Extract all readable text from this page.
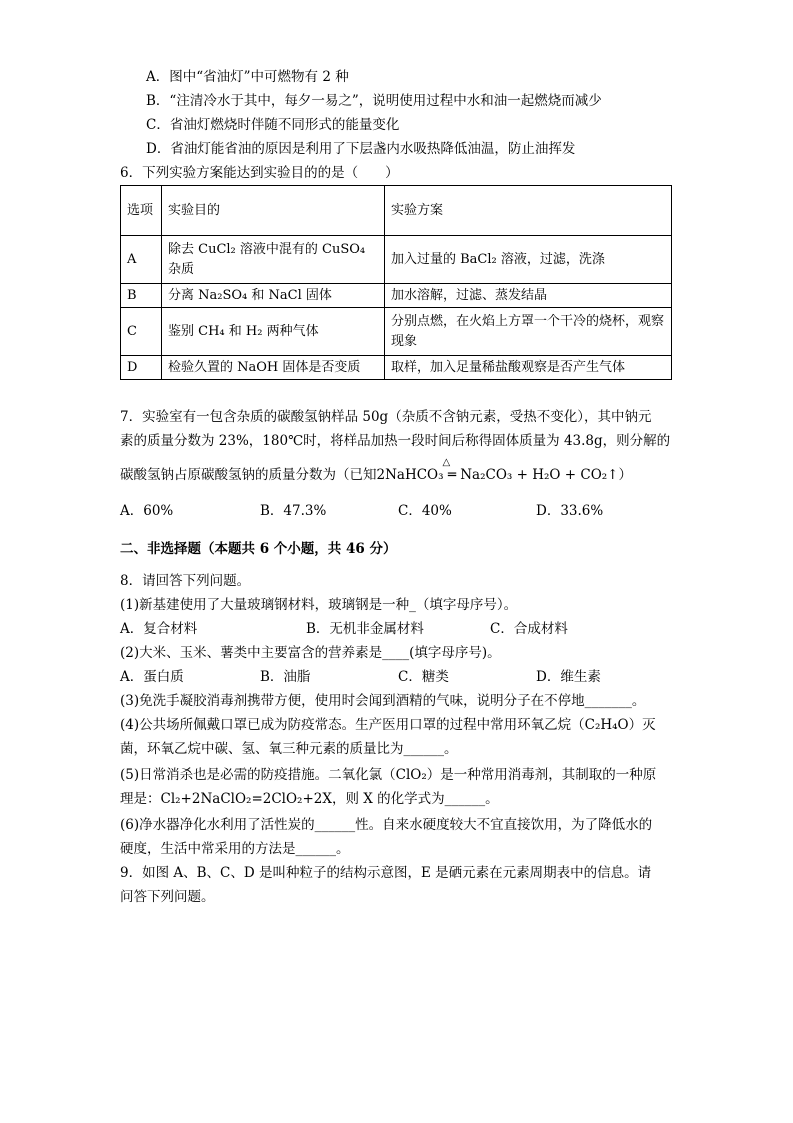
A．图中“省油灯”中可燃物有 2 种
B．“注清冷水于其中，每夕一易之”，说明使用过程中水和油一起燃烧而减少
C．省油灯燃烧时伴随不同形式的能量变化
D．省油灯能省油的原因是利用了下层盏内水吸热降低油温，防止油挥发
6．下列实验方案能达到实验目的的是（　　）
选项	实验目的	实验方案
A	除去 CuCl₂ 溶液中混有的 CuSO₄ 杂质	加入过量的 BaCl₂ 溶液，过滤，洗涤
B	分离 Na₂SO₄ 和 NaCl 固体	加水溶解，过滤、蒸发结晶
C	鉴别 CH₄ 和 H₂ 两种气体	分别点燃，在火焰上方罩一个干冷的烧杯，观察现象
D	检验久置的 NaOH 固体是否变质	取样，加入足量稀盐酸观察是否产生气体
7．实验室有一包含杂质的碳酸氢钠样品 50g（杂质不含钠元素，受热不变化），其中钠元
素的质量分数为 23%，180℃时，将样品加热一段时间后称得固体质量为 43.8g，则分解的
碳酸氢钠占原碳酸氢钠的质量分数为（已知
△
2NaHCO₃ ═ Na₂CO₃ + H₂O + CO₂↑）
A．60%	B．47.3%	C．40%	D．33.6%
二、非选择题（本题共 6 个小题，共 46 分）
8．请回答下列问题。
(1)新基建使用了大量玻璃钢材料，玻璃钢是一种_（填字母序号）。
A．复合材料	B．无机非金属材料	C．合成材料
(2)大米、玉米、薯类中主要富含的营养素是____(填字母序号)。
A．蛋白质	B．油脂	C．糖类	D．维生素
(3)免洗手凝胶消毒剂携带方便，使用时会闻到酒精的气味，说明分子在不停地_______。
(4)公共场所佩戴口罩已成为防疫常态。生产医用口罩的过程中常用环氧乙烷（C₂H₄O）灭
菌，环氧乙烷中碳、氢、氧三种元素的质量比为______。
(5)日常消杀也是必需的防疫措施。二氧化氯（ClO₂）是一种常用消毒剂，其制取的一种原
理是：Cl₂+2NaClO₂=2ClO₂+2X，则 X 的化学式为______。
(6)净水器净化水利用了活性炭的______性。自来水硬度较大不宜直接饮用，为了降低水的
硬度，生活中常采用的方法是______。
9．如图 A、B、C、D 是叫种粒子的结构示意图，E 是硒元素在元素周期表中的信息。请
问答下列问题。
